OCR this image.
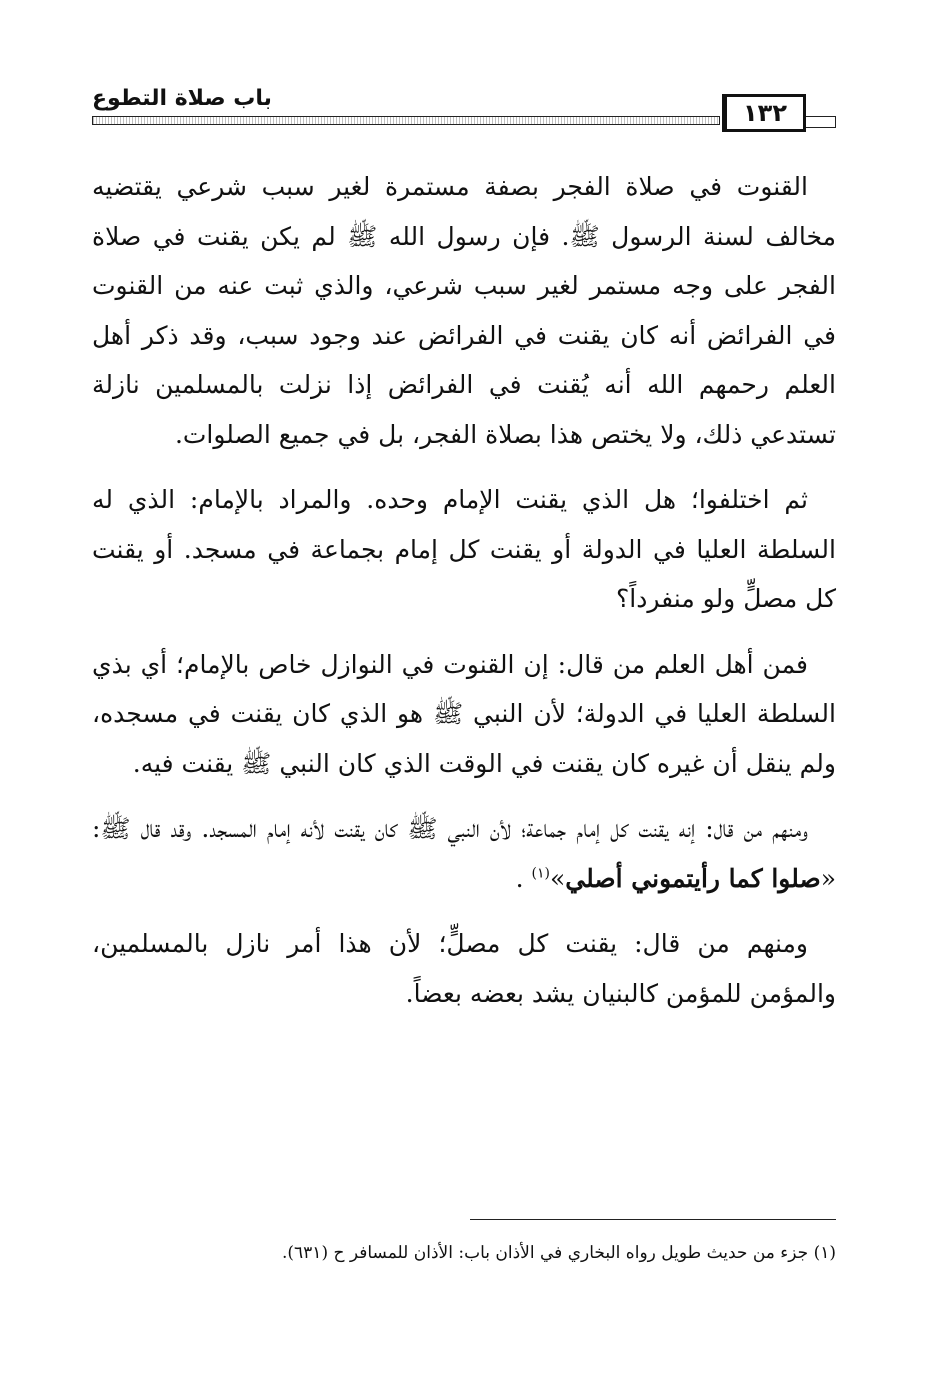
باب صلاة التطوع
١٣٢

القنوت في صلاة الفجر بصفة مستمرة لغير سبب شرعي يقتضيه مخالف لسنة الرسول ﷺ. فإن رسول الله ﷺ لم يكن يقنت في صلاة الفجر على وجه مستمر لغير سبب شرعي، والذي ثبت عنه من القنوت في الفرائض أنه كان يقنت في الفرائض عند وجود سبب، وقد ذكر أهل العلم رحمهم الله أنه يُقنت في الفرائض إذا نزلت بالمسلمين نازلة تستدعي ذلك، ولا يختص هذا بصلاة الفجر، بل في جميع الصلوات.

ثم اختلفوا؛ هل الذي يقنت الإمام وحده. والمراد بالإمام: الذي له السلطة العليا في الدولة أو يقنت كل إمام بجماعة في مسجد. أو يقنت كل مصلٍّ ولو منفرداً؟

فمن أهل العلم من قال: إن القنوت في النوازل خاص بالإمام؛ أي بذي السلطة العليا في الدولة؛ لأن النبي ﷺ هو الذي كان يقنت في مسجده، ولم ينقل أن غيره كان يقنت في الوقت الذي كان النبي ﷺ يقنت فيه.

ومنهم من قال: إنه يقنت كل إمام جماعة؛ لأن النبي ﷺ كان يقنت لأنه إمام المسجد. وقد قال ﷺ: «صلوا كما رأيتموني أصلي»$^{(١)}$ .

ومنهم من قال: يقنت كل مصلٍّ؛ لأن هذا أمر نازل بالمسلمين، والمؤمن للمؤمن كالبنيان يشد بعضه بعضاً.

(١) جزء من حديث طويل رواه البخاري في الأذان باب: الأذان للمسافر ح (٦٣١).
